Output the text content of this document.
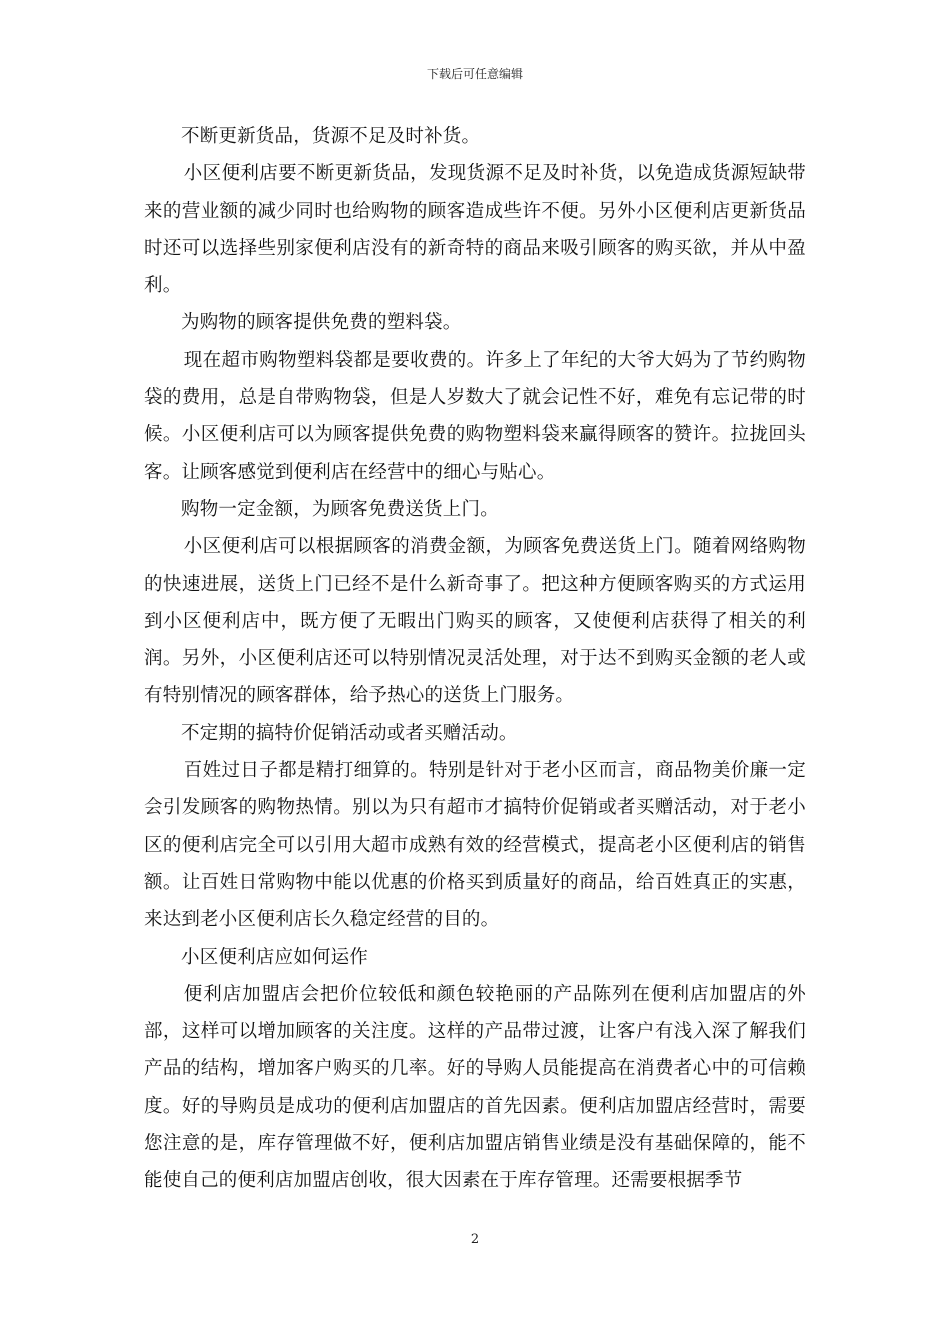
下载后可任意编辑

不断更新货品，货源不足及时补货。

小区便利店要不断更新货品，发现货源不足及时补货，以免造成货源短缺带来的营业额的减少同时也给购物的顾客造成些许不便。另外小区便利店更新货品时还可以选择些别家便利店没有的新奇特的商品来吸引顾客的购买欲，并从中盈利。

为购物的顾客提供免费的塑料袋。

现在超市购物塑料袋都是要收费的。许多上了年纪的大爷大妈为了节约购物袋的费用，总是自带购物袋，但是人岁数大了就会记性不好，难免有忘记带的时候。小区便利店可以为顾客提供免费的购物塑料袋来赢得顾客的赞许。拉拢回头客。让顾客感觉到便利店在经营中的细心与贴心。

购物一定金额，为顾客免费送货上门。

小区便利店可以根据顾客的消费金额，为顾客免费送货上门。随着网络购物的快速进展，送货上门已经不是什么新奇事了。把这种方便顾客购买的方式运用到小区便利店中，既方便了无暇出门购买的顾客，又使便利店获得了相关的利润。另外，小区便利店还可以特别情况灵活处理，对于达不到购买金额的老人或有特别情况的顾客群体，给予热心的送货上门服务。

不定期的搞特价促销活动或者买赠活动。

百姓过日子都是精打细算的。特别是针对于老小区而言，商品物美价廉一定会引发顾客的购物热情。别以为只有超市才搞特价促销或者买赠活动，对于老小区的便利店完全可以引用大超市成熟有效的经营模式，提高老小区便利店的销售额。让百姓日常购物中能以优惠的价格买到质量好的商品，给百姓真正的实惠，来达到老小区便利店长久稳定经营的目的。

小区便利店应如何运作

便利店加盟店会把价位较低和颜色较艳丽的产品陈列在便利店加盟店的外部，这样可以增加顾客的关注度。这样的产品带过渡，让客户有浅入深了解我们产品的结构，增加客户购买的几率。好的导购人员能提高在消费者心中的可信赖度。好的导购员是成功的便利店加盟店的首先因素。便利店加盟店经营时，需要您注意的是，库存管理做不好，便利店加盟店销售业绩是没有基础保障的，能不能使自己的便利店加盟店创收，很大因素在于库存管理。还需要根据季节

2
